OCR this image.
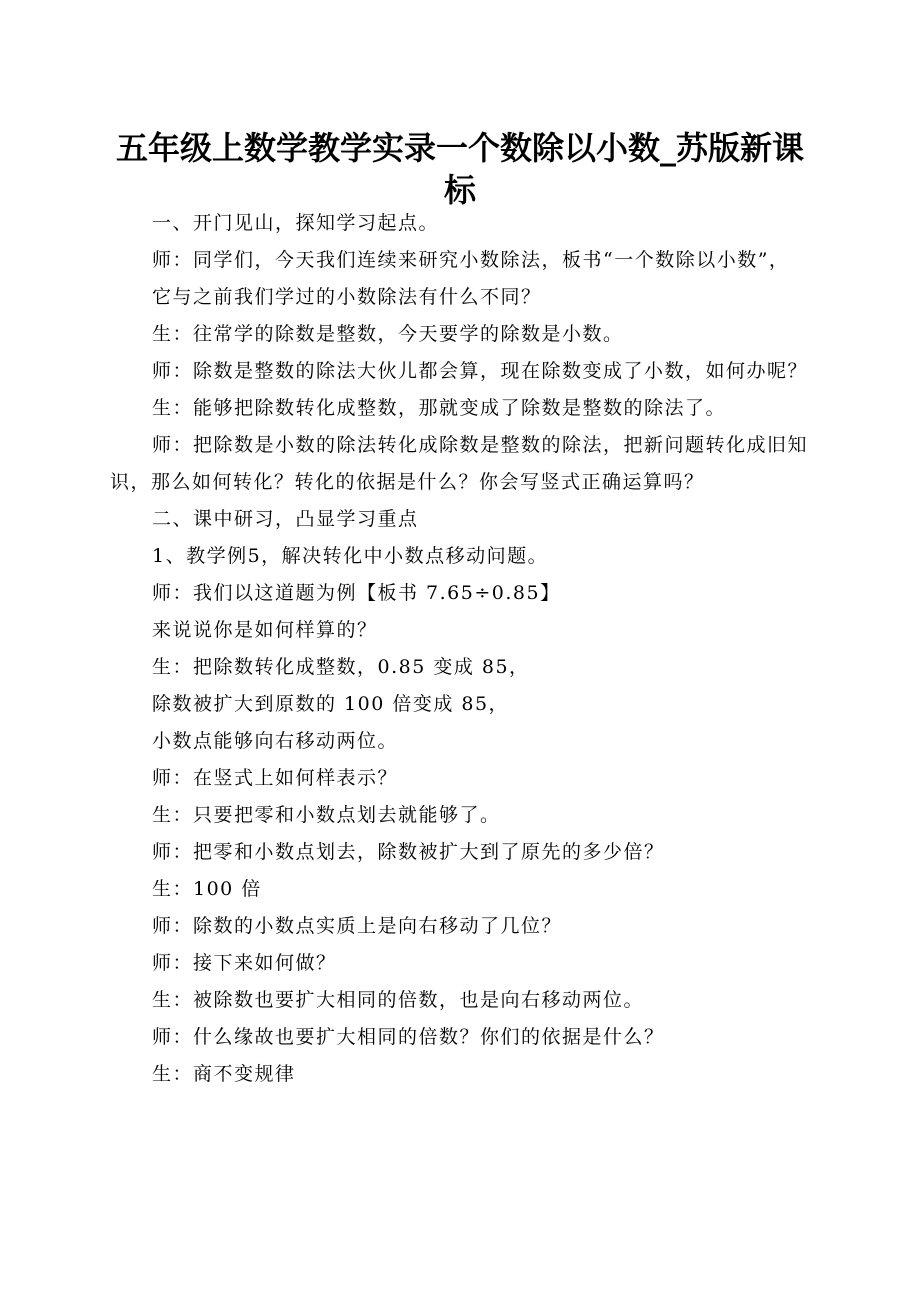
五年级上数学教学实录一个数除以小数_苏版新课标

一、开门见山，探知学习起点。

师：同学们，今天我们连续来研究小数除法，板书“一个数除以小数”，

它与之前我们学过的小数除法有什么不同？

生：往常学的除数是整数，今天要学的除数是小数。

师：除数是整数的除法大伙儿都会算，现在除数变成了小数，如何办呢？

生：能够把除数转化成整数，那就变成了除数是整数的除法了。

师：把除数是小数的除法转化成除数是整数的除法，把新问题转化成旧知识，那么如何转化？转化的依据是什么？你会写竖式正确运算吗？

二、课中研习，凸显学习重点

1、教学例5，解决转化中小数点移动问题。

师：我们以这道题为例【板书 7.65÷0.85】

来说说你是如何样算的？

生：把除数转化成整数，0.85 变成 85，

除数被扩大到原数的 100 倍变成 85，

小数点能够向右移动两位。

师：在竖式上如何样表示？

生：只要把零和小数点划去就能够了。

师：把零和小数点划去，除数被扩大到了原先的多少倍？

生：100 倍

师：除数的小数点实质上是向右移动了几位？

师：接下来如何做？

生：被除数也要扩大相同的倍数，也是向右移动两位。

师：什么缘故也要扩大相同的倍数？你们的依据是什么？

生：商不变规律
